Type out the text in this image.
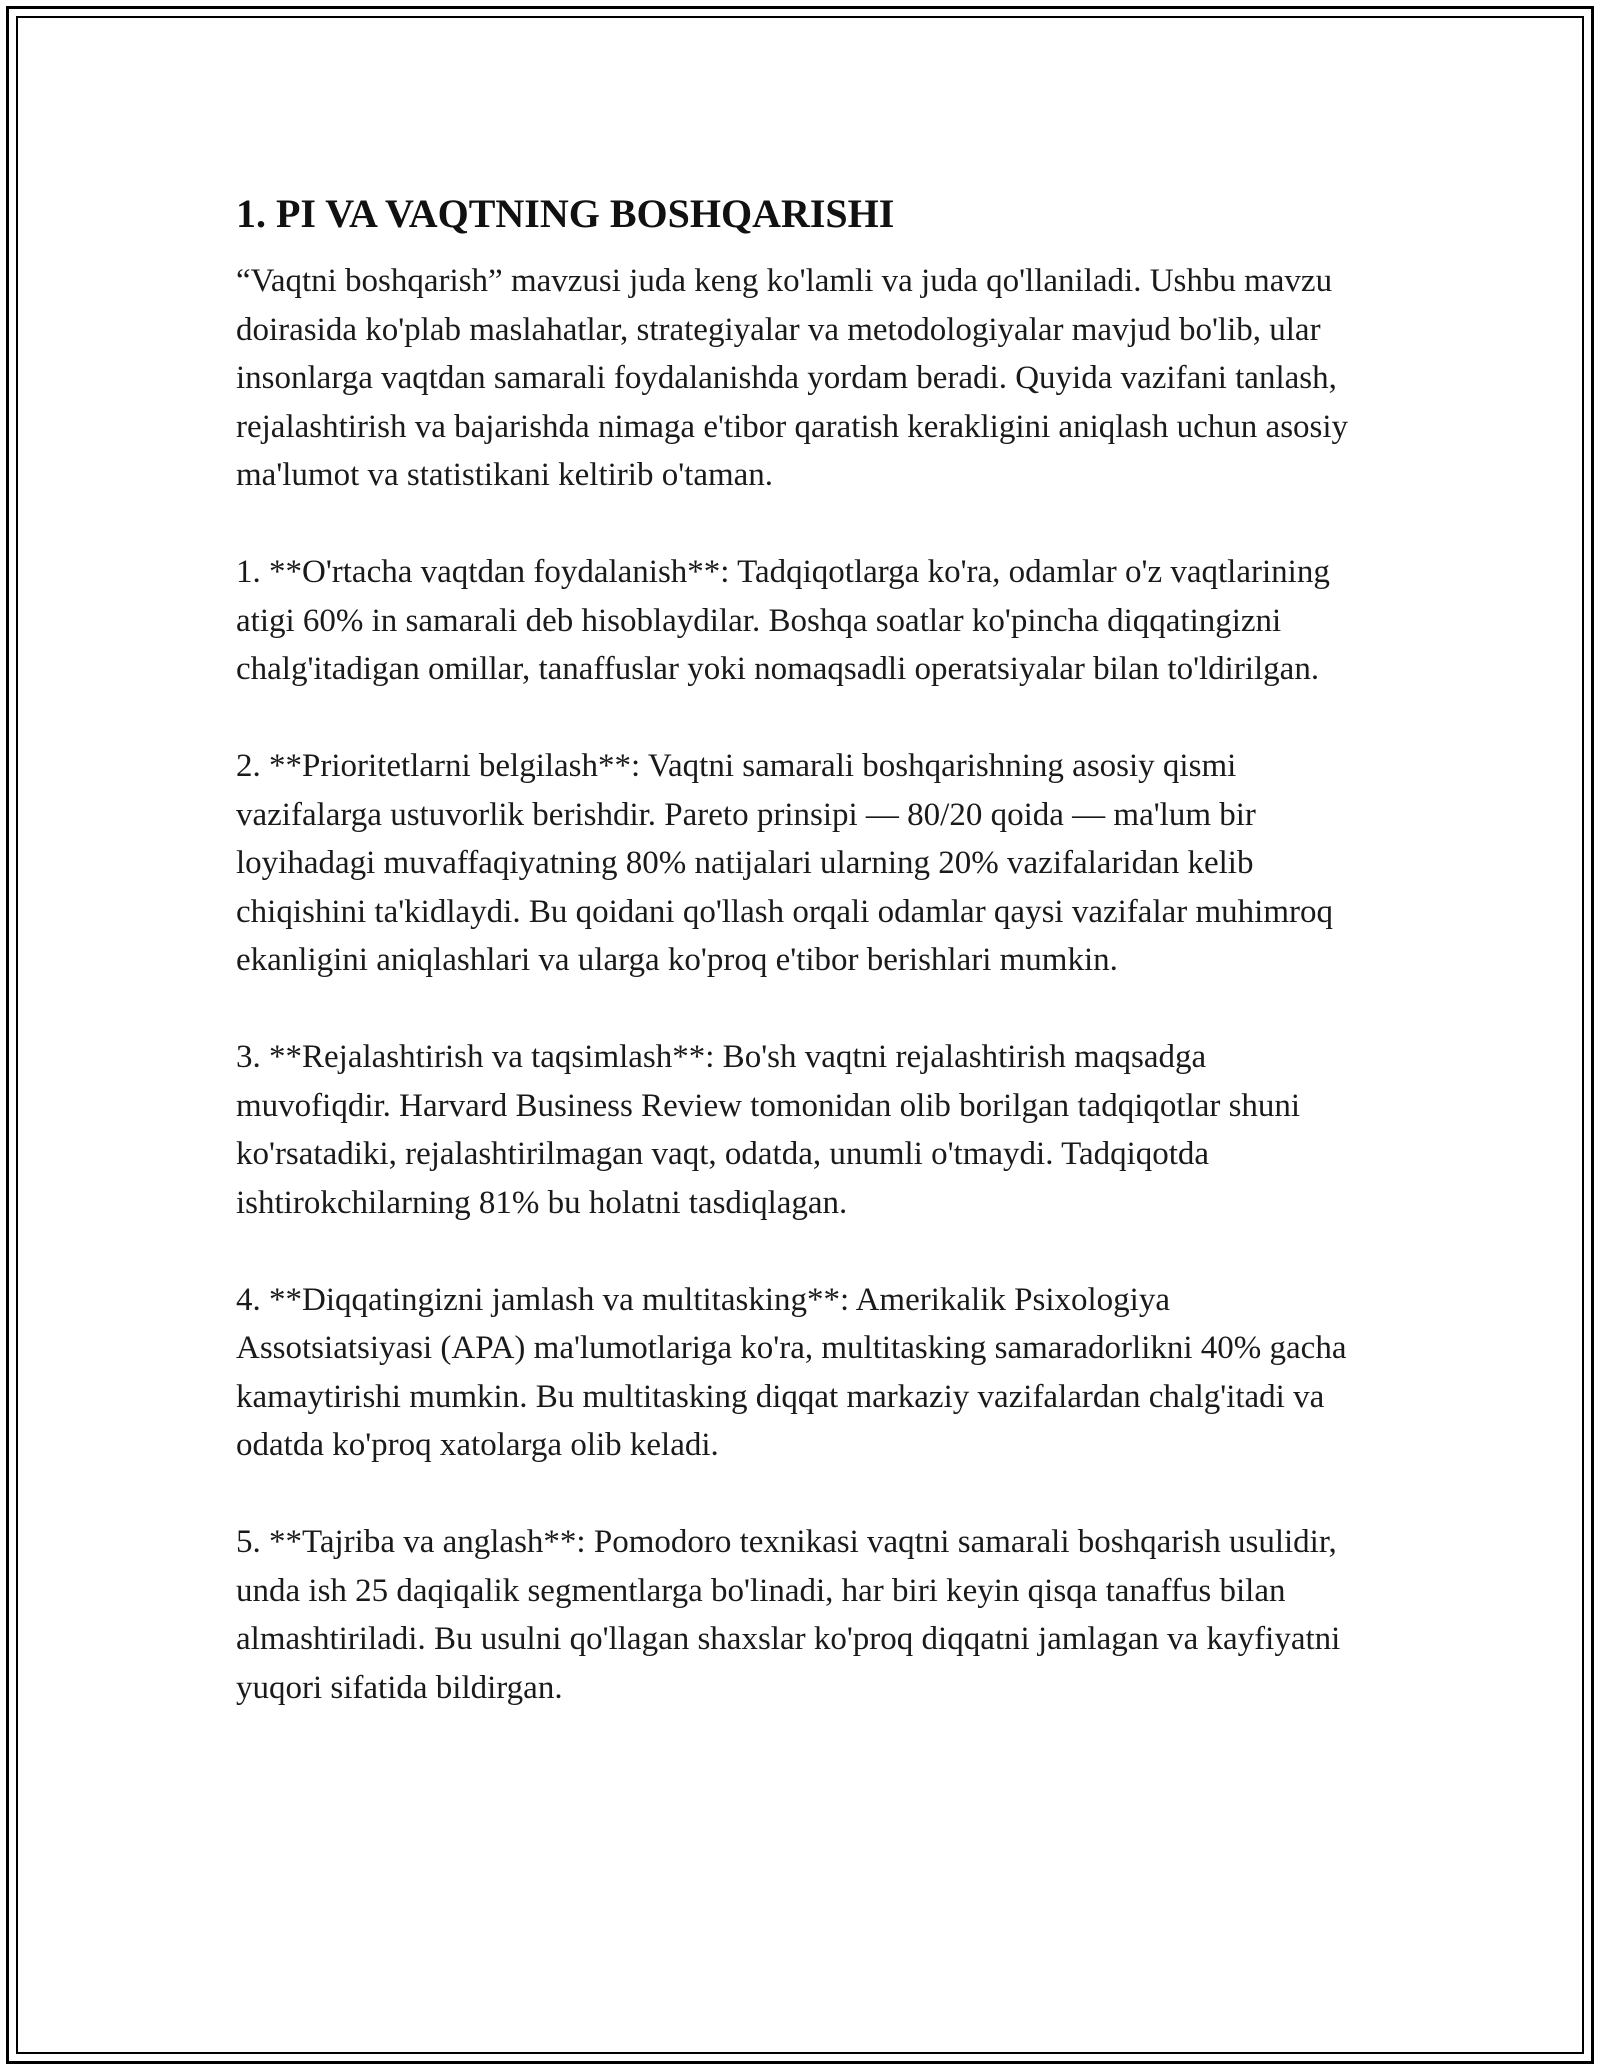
1. PI VA VAQTNING BOSHQARISHI

“Vaqtni boshqarish” mavzusi juda keng ko'lamli va juda qo'llaniladi. Ushbu mavzu doirasida ko'plab maslahatlar, strategiyalar va metodologiyalar mavjud bo'lib, ular insonlarga vaqtdan samarali foydalanishda yordam beradi. Quyida vazifani tanlash, rejalashtirish va bajarishda nimaga e'tibor qaratish kerakligini aniqlash uchun asosiy ma'lumot va statistikani keltirib o'taman.

1. **O'rtacha vaqtdan foydalanish**: Tadqiqotlarga ko'ra, odamlar o'z vaqtlarining atigi 60% in samarali deb hisoblaydilar. Boshqa soatlar ko'pincha diqqatingizni chalg'itadigan omillar, tanaffuslar yoki nomaqsadli operatsiyalar bilan to'ldirilgan.

2. **Prioritetlarni belgilash**: Vaqtni samarali boshqarishning asosiy qismi vazifalarga ustuvorlik berishdir. Pareto prinsipi — 80/20 qoida — ma'lum bir loyihadagi muvaffaqiyatning 80% natijalari ularning 20% vazifalaridan kelib chiqishini ta'kidlaydi. Bu qoidani qo'llash orqali odamlar qaysi vazifalar muhimroq ekanligini aniqlashlari va ularga ko'proq e'tibor berishlari mumkin.

3. **Rejalashtirish va taqsimlash**: Bo'sh vaqtni rejalashtirish maqsadga muvofiqdir. Harvard Business Review tomonidan olib borilgan tadqiqotlar shuni ko'rsatadiki, rejalashtirilmagan vaqt, odatda, unumli o'tmaydi. Tadqiqotda ishtirokchilarning 81% bu holatni tasdiqlagan.

4. **Diqqatingizni jamlash va multitasking**: Amerikalik Psixologiya Assotsiatsiyasi (APA) ma'lumotlariga ko'ra, multitasking samaradorlikni 40% gacha kamaytirishi mumkin. Bu multitasking diqqat markaziy vazifalardan chalg'itadi va odatda ko'proq xatolarga olib keladi.

5. **Tajriba va anglash**: Pomodoro texnikasi vaqtni samarali boshqarish usulidir, unda ish 25 daqiqalik segmentlarga bo'linadi, har biri keyin qisqa tanaffus bilan almashtiriladi. Bu usulni qo'llagan shaxslar ko'proq diqqatni jamlagan va kayfiyatni yuqori sifatida bildirgan.
